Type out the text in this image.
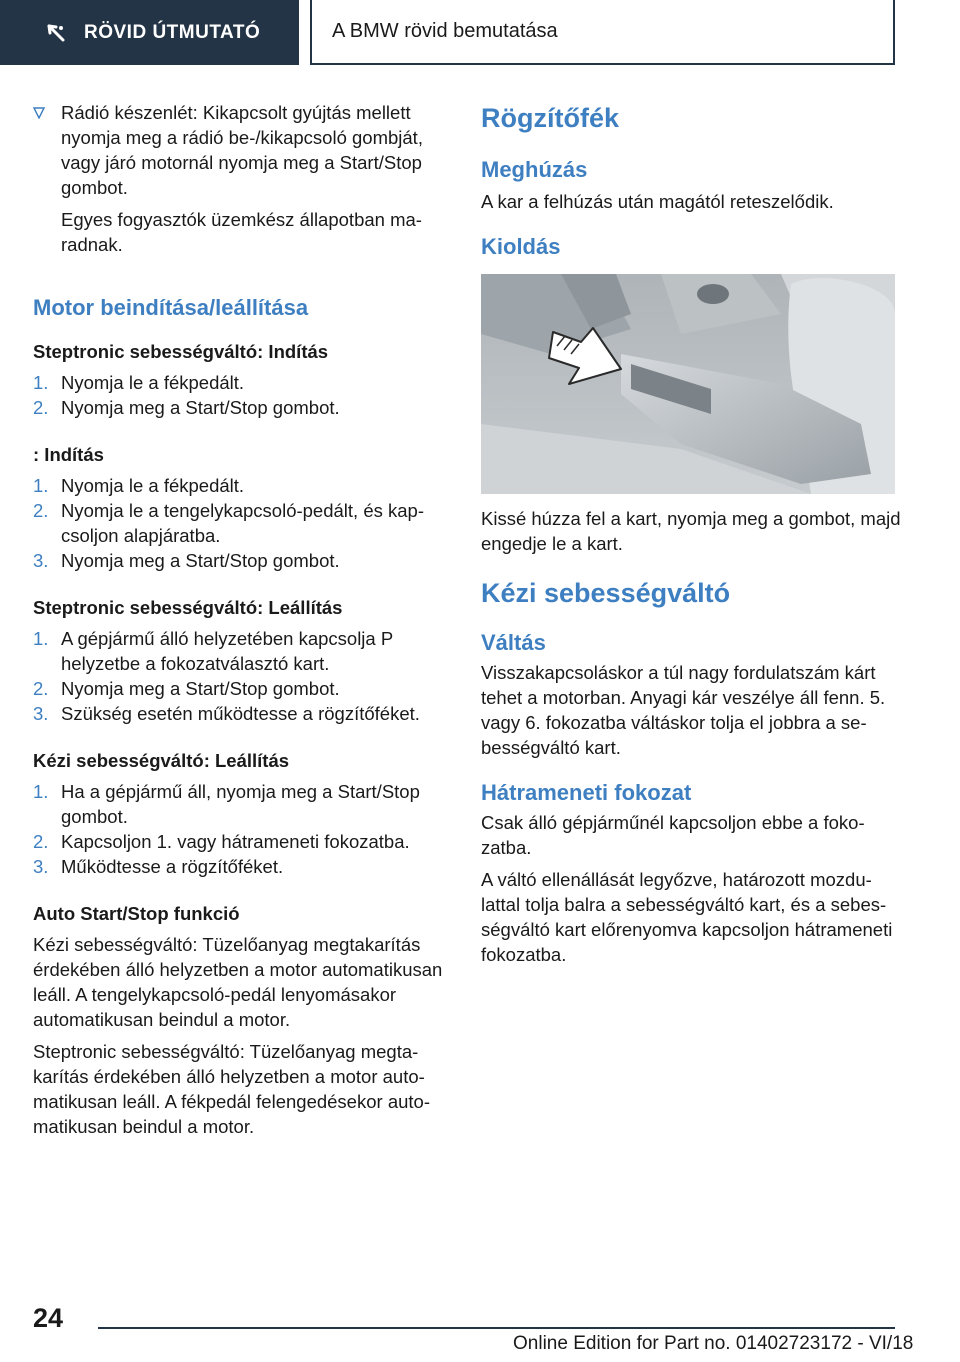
RÖVID ÚTMUTATÓ	A BMW rövid bemutatása

Rádió készenlét: Kikapcsolt gyújtás mellett nyomja meg a rádió be-/kikapcsoló gombját, vagy járó motornál nyomja meg a Start/Stop gombot.

Egyes fogyasztók üzemkész állapotban maradnak.

Motor beindítása/leállítása
Steptronic sebességváltó: Indítás
1. Nyomja le a fékpedált.
2. Nyomja meg a Start/Stop gombot.
: Indítás
1. Nyomja le a fékpedált.
2. Nyomja le a tengelykapcsoló-pedált, és kapcsoljon alapjáratba.
3. Nyomja meg a Start/Stop gombot.
Steptronic sebességváltó: Leállítás
1. A gépjármű álló helyzetében kapcsolja P helyzetbe a fokozatválasztó kart.
2. Nyomja meg a Start/Stop gombot.
3. Szükség esetén működtesse a rögzítőféket.
Kézi sebességváltó: Leállítás
1. Ha a gépjármű áll, nyomja meg a Start/Stop gombot.
2. Kapcsoljon 1. vagy hátrameneti fokozatba.
3. Működtesse a rögzítőféket.
Auto Start/Stop funkció

Kézi sebességváltó: Tüzelőanyag megtakarítás érdekében álló helyzetben a motor automatikusan leáll. A tengelykapcsoló-pedál lenyomásakor automatikusan beindul a motor.

Steptronic sebességváltó: Tüzelőanyag megtakarítás érdekében álló helyzetben a motor automatikusan leáll. A fékpedál felengedésekor automatikusan beindul a motor.

Rögzítőfék
Meghúzás

A kar a felhúzás után magától reteszelődik.

Kioldás

Kissé húzza fel a kart, nyomja meg a gombot, majd engedje le a kart.

Kézi sebességváltó
Váltás

Visszakapcsoláskor a túl nagy fordulatszám kárt tehet a motorban. Anyagi kár veszélye áll fenn. 5. vagy 6. fokozatba váltáskor tolja el jobbra a sebességváltó kart.

Hátrameneti fokozat

Csak álló gépjárműnél kapcsoljon ebbe a fokozatba.

A váltó ellenállását legyőzve, határozott mozdulattal tolja balra a sebességváltó kart, és a sebességváltó kart előrenyomva kapcsoljon hátrameneti fokozatba.

24
Online Edition for Part no. 01402723172 - VI/18
